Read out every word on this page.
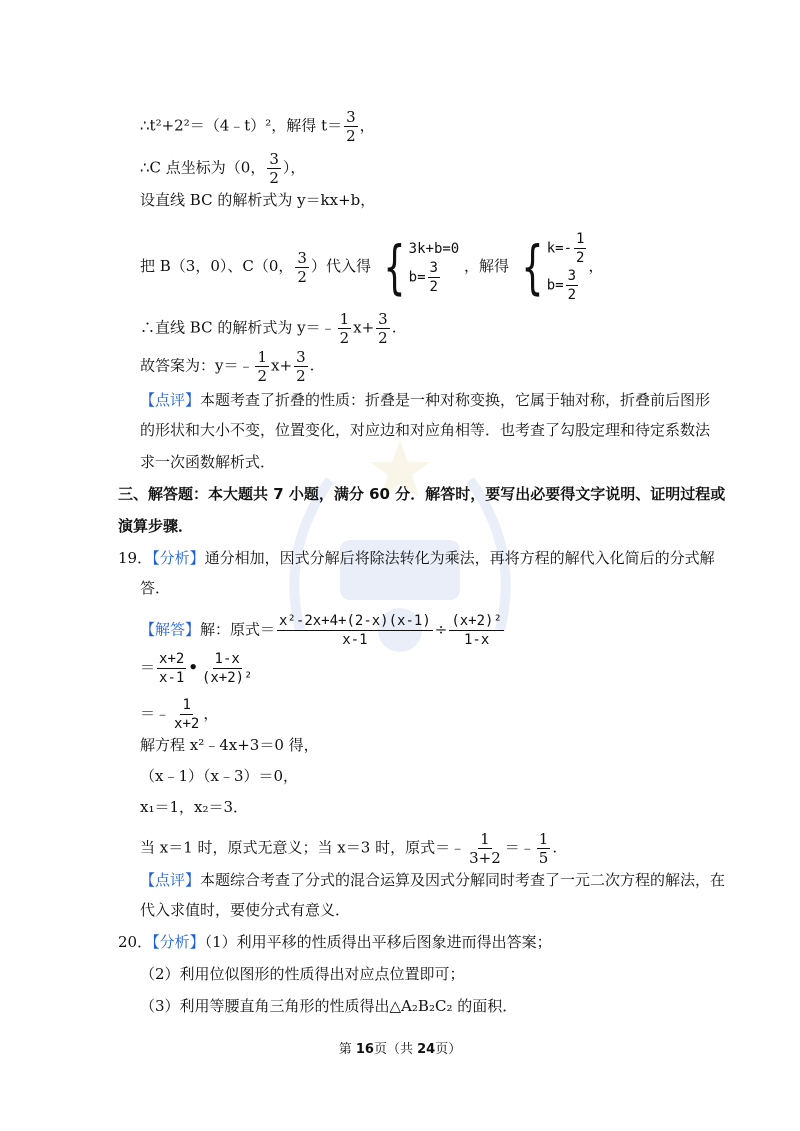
∴t²+2²＝（4﹣t）²，解得 $t= \frac{3}{2}$ ，
∴C 点坐标为（0， $\frac{3}{2}$ ），
设直线 BC 的解析式为 y＝kx+b，
把 B（3，0）、C（0， $\frac{3}{2}$ ）代入得 { 3k+b=0
$b= \frac{3}{2}$ ，解得 { $k=- \frac{1}{2}$
$b= \frac{3}{2}$
，
∴直线 BC 的解析式为 y＝﹣ $\frac{1}{2} x+ \frac{3}{2}$ .
故答案为：y＝﹣ $\frac{1}{2} x+ \frac{3}{2}$ .
【点评】本题考查了折叠的性质：折叠是一种对称变换，它属于轴对称，折叠前后图形
的形状和大小不变，位置变化，对应边和对应角相等．也考查了勾股定理和待定系数法
求一次函数解析式．
三、解答题：本大题共 7 小题，满分 60 分．解答时，要写出必要得文字说明、证明过程或
演算步骤．
19．【分析】通分相加，因式分解后将除法转化为乘法，再将方程的解代入化简后的分式解
答．
【解答】解：原式＝ $\frac{\text{x²-2x+4+(2-x)(x-1)}}{x-1} \div \frac{\text{(x+2)²}}{1-x}$
＝ $\frac{x+2}{x-1}$ • $\frac{1-x}{\text{(x+2)²}}$
＝﹣ $\frac{1}{x+2}$ ，
解方程 x²﹣4x+3＝0 得，
（x﹣1）（x﹣3）＝0，
x₁＝1，x₂＝3．
当 x＝1 时，原式无意义；当 x＝3 时，原式＝﹣ $\frac{1}{3+2}$ ＝﹣ $\frac{1}{5}$ .
【点评】本题综合考查了分式的混合运算及因式分解同时考查了一元二次方程的解法，在
代入求值时，要使分式有意义．
20．【分析】（1）利用平移的性质得出平移后图象进而得出答案；
（2）利用位似图形的性质得出对应点位置即可；
（3）利用等腰直角三角形的性质得出△A₂B₂C₂ 的面积．
第 16页（共 24页）
